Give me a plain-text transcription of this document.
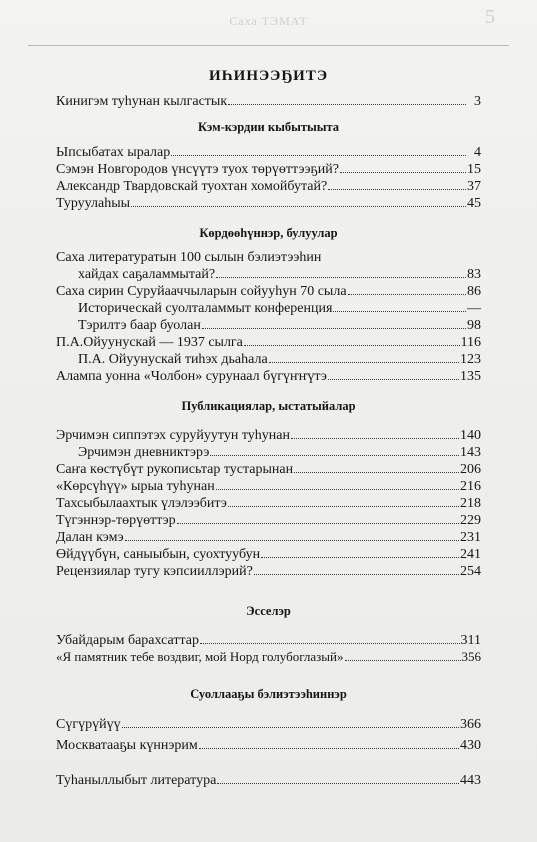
Саха ТЭМАТ	5
ИҺИНЭЭҔИТЭ
Кинигэм туһунан кылгастык	3
Кэм-кэрдии кыбытыыта
Ыпсыбатах ыралар	4
Сэмэн Новгородов үнсүүтэ туох төрүөттээҕий?	15
Александр Твардовскай туохтан хомойбутай?	37
Туруулаһыы	45
Көрдөөһүннэр, булуулар
Саха литературатын 100 сылын бэлиэтээһин
хайдах саҕаламмытай?	83
Саха сирин Суруйааччыларын сойууһун 70 сыла	86
Историческай суолталаммыт конференция	—
Тэрилтэ баар буолан	98
П.А.Ойуунускай — 1937 сылга	116
П.А. Ойуунускай тиһэх дьаһала	123
Алампа уонна «Чолбон» сурунаал бүгүҥҥүтэ	135
Публикациялар, ыстатыйалар
Эрчимэн сиппэтэх суруйуутун туһунан	140
Эрчимэн дневниктэрэ	143
Саҥа көстүбүт рукописьтар тустарынан	206
«Көрсүһүү» ырыа туһунан	216
Тахсыбылаахтык үлэлээбитэ	218
Түгэннэр-төрүөттэр	229
Далан кэмэ	231
Өйдүүбүн, саныыбын, суохтуубун	241
Рецензиялар тугу кэпсииллэрий?	254
Эсселэр
Убайдарым барахсаттар	311
«Я памятник тебе воздвиг, мой Норд голубоглазый»	356
Суоллааҕы бэлиэтээһиннэр
Сүгүрүйүү	366
Москватааҕы күннэрим	430
Туһаныллыбыт литература	443
